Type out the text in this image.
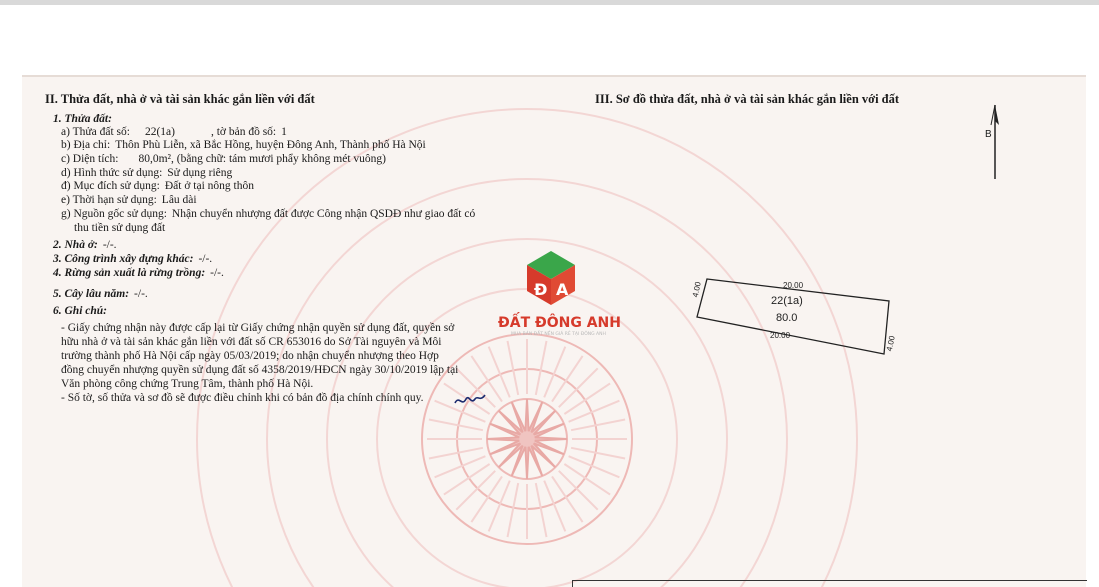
II. Thửa đất, nhà ở và tài sản khác gắn liền với đất
1. Thửa đất:
a) Thửa đất số: 22(1a)	, tờ bản đồ số: 1
b) Địa chỉ: Thôn Phù Liễn, xã Bắc Hồng, huyện Đông Anh, Thành phố Hà Nội
c) Diện tích: 80,0m², (bằng chữ: tám mươi phẩy không mét vuông)
d) Hình thức sử dụng: Sử dụng riêng
đ) Mục đích sử dụng: Đất ở tại nông thôn
e) Thời hạn sử dụng: Lâu dài
g) Nguồn gốc sử dụng: Nhận chuyển nhượng đất được Công nhận QSDĐ như giao đất có
thu tiền sử dụng đất
2. Nhà ở: -/-.
3. Công trình xây dựng khác: -/-.
4. Rừng sản xuất là rừng trồng: -/-.
5. Cây lâu năm: -/-.
6. Ghi chú:
- Giấy chứng nhận này được cấp lại từ Giấy chứng nhận quyền sử dụng đất, quyền sở
hữu nhà ở và tài sản khác gắn liền với đất số CR 653016 do Sở Tài nguyên và Môi
trường thành phố Hà Nội cấp ngày 05/03/2019; do nhận chuyển nhượng theo Hợp
đồng chuyển nhượng quyền sử dụng đất số 4358/2019/HĐCN ngày 30/10/2019 lập tại
Văn phòng công chứng Trung Tâm, thành phố Hà Nội.
- Số tờ, số thửa và sơ đồ sẽ được điều chỉnh khi có bản đồ địa chính chính quy.
Đ A
ĐẤT ĐÔNG ANH
MUA BÁN ĐẤT NỀN GIÁ RẺ TẠI ĐÔNG ANH
III. Sơ đồ thửa đất, nhà ở và tài sản khác gắn liền với đất
B
20.00
20.00
4.00
4.00
22(1a)
80.0
